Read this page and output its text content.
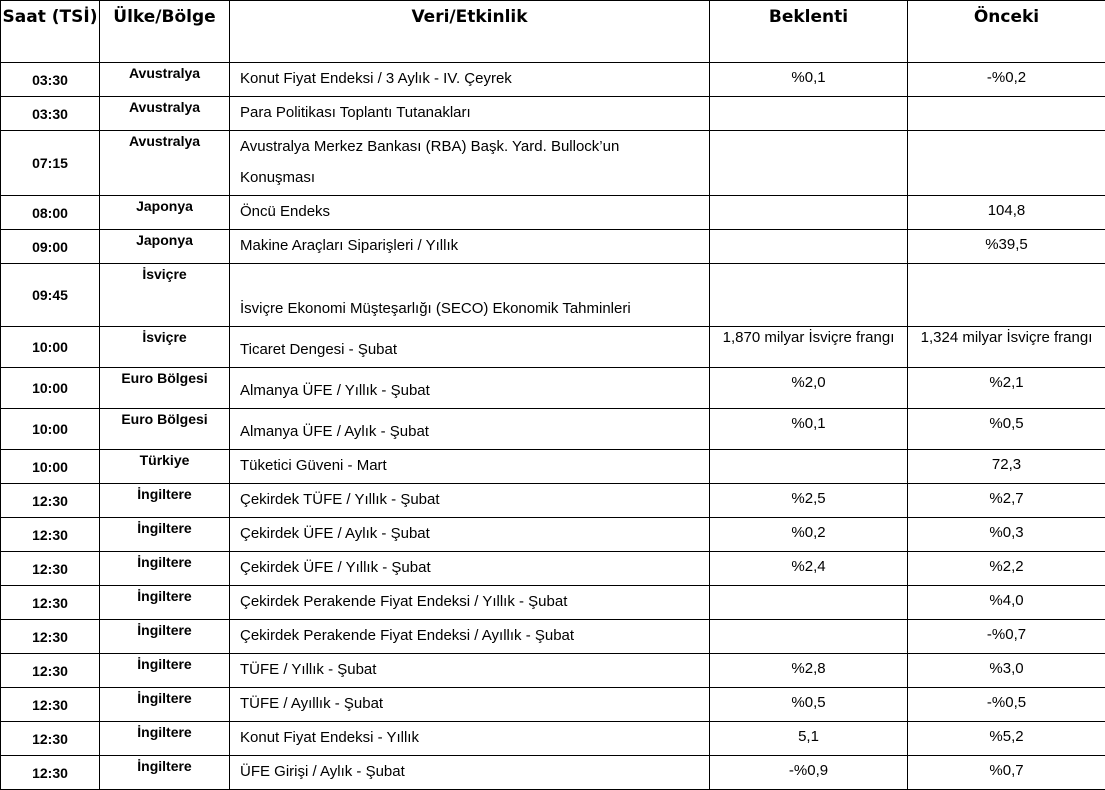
Saat (TSİ)	Ülke/Bölge	Veri/Etkinlik	Beklenti	Önceki
03:30	Avustralya	Konut Fiyat Endeksi / 3 Aylık - IV. Çeyrek	%0,1	-%0,2
03:30	Avustralya	Para Politikası Toplantı Tutanakları		
07:15	Avustralya	Avustralya Merkez Bankası (RBA) Başk. Yard. Bullock’un Konuşması		
08:00	Japonya	Öncü Endeks		104,8
09:00	Japonya	Makine Araçları Siparişleri / Yıllık		%39,5
09:45	İsviçre	İsviçre Ekonomi Müşteşarlığı (SECO) Ekonomik Tahminleri		
10:00	İsviçre	Ticaret Dengesi - Şubat	1,870 milyar İsviçre frangı	1,324 milyar İsviçre frangı
10:00	Euro Bölgesi	Almanya ÜFE / Yıllık - Şubat	%2,0	%2,1
10:00	Euro Bölgesi	Almanya ÜFE / Aylık - Şubat	%0,1	%0,5
10:00	Türkiye	Tüketici Güveni - Mart		72,3
12:30	İngiltere	Çekirdek TÜFE / Yıllık - Şubat	%2,5	%2,7
12:30	İngiltere	Çekirdek ÜFE / Aylık - Şubat	%0,2	%0,3
12:30	İngiltere	Çekirdek ÜFE / Yıllık - Şubat	%2,4	%2,2
12:30	İngiltere	Çekirdek Perakende Fiyat Endeksi / Yıllık - Şubat		%4,0
12:30	İngiltere	Çekirdek Perakende Fiyat Endeksi / Ayıllık - Şubat		-%0,7
12:30	İngiltere	TÜFE / Yıllık - Şubat	%2,8	%3,0
12:30	İngiltere	TÜFE / Ayıllık - Şubat	%0,5	-%0,5
12:30	İngiltere	Konut Fiyat Endeksi - Yıllık	5,1	%5,2
12:30	İngiltere	ÜFE Girişi / Aylık - Şubat	-%0,9	%0,7
